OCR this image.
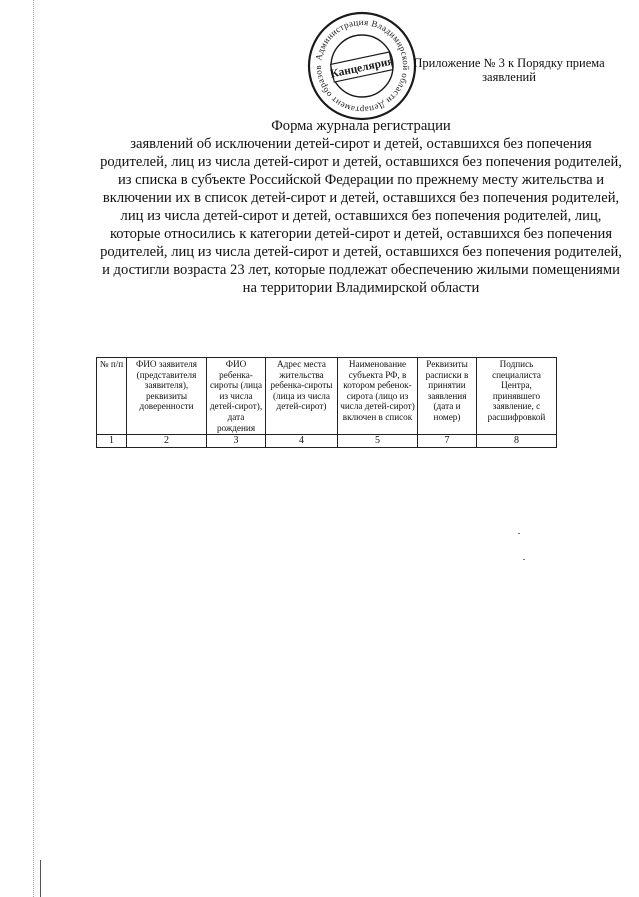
Администрация Владимирской области Департамент образов Канцелярия	Приложение № 3 к Порядку приема
заявлений
Форма журнала регистрации
заявлений об исключении детей-сирот и детей, оставшихся без попечения родителей, лиц из числа детей-сирот и детей, оставшихся без попечения родителей, из списка в субъекте Российской Федерации по прежнему месту жительства и включении их в список детей-сирот и детей, оставшихся без попечения родителей, лиц из числа детей-сирот и детей, оставшихся без попечения родителей, лиц, которые относились к категории детей-сирот и детей, оставшихся без попечения родителей, лиц из числа детей-сирот и детей, оставшихся без попечения родителей, и достигли возраста 23 лет, которые подлежат обеспечению жилыми помещениями на территории Владимирской области
№ п/п	ФИО заявителя (представителя заявителя), реквизиты доверенности	ФИО ребенка-сироты (лица из числа детей-сирот), дата рождения	Адрес места жительства ребенка-сироты (лица из числа детей-сирот)	Наименование субъекта РФ, в котором ребенок-сирота (лицо из числа детей-сирот) включен в список	Реквизиты расписки в принятии заявления (дата и номер)	Подпись специалиста Центра, принявшего заявление, с расшифровкой
1	2	3	4	5	7	8
